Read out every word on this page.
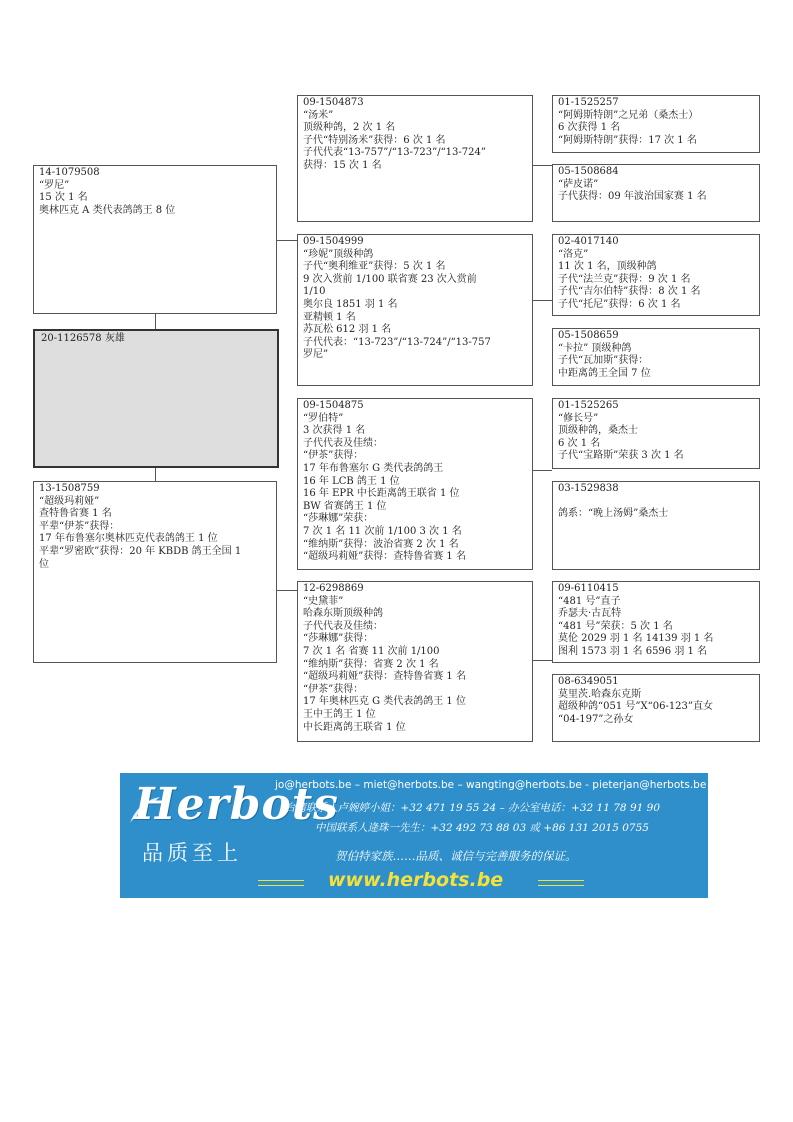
14-1079508
“罗尼”
15 次 1 名
奥林匹克 A 类代表鸽鸽王 8 位
20-1126578 灰雄
13-1508759
“超级玛莉娅”
查特鲁省赛 1 名
平辈“伊茶”获得：
17 年布鲁塞尔奥林匹克代表鸽鸽王 1 位
平辈“罗密欧”获得：20 年 KBDB 鸽王全国 1
位
09-1504873
“汤米”
顶级种鸽，2 次 1 名
子代“特别汤米”获得：6 次 1 名
子代代表“13-757”/“13-723”/“13-724”
获得：15 次 1 名
09-1504999
“珍妮”顶级种鸽
子代“奥利维亚”获得：5 次 1 名
9 次入赏前 1/100 联省赛 23 次入赏前
1/10
奥尔良 1851 羽 1 名
亚精顿 1 名
苏瓦松 612 羽 1 名
子代代表：“13-723”/“13-724”/“13-757
罗尼”
09-1504875
“罗伯特”
3 次获得 1 名
子代代表及佳绩：
“伊茶”获得：
17 年布鲁塞尔 G 类代表鸽鸽王
16 年 LCB 鸽王 1 位
16 年 EPR 中长距离鸽王联省 1 位
BW 省赛鸽王 1 位
“莎琳娜”荣获：
7 次 1 名 11 次前 1/100 3 次 1 名
“维纳斯”获得：波治省赛 2 次 1 名
“超级玛莉娅”获得：查特鲁省赛 1 名
12-6298869
“史黛菲”
哈森东斯顶级种鸽
子代代表及佳绩：
“莎琳娜”获得：
7 次 1 名 省赛 11 次前 1/100
“维纳斯”获得：省赛 2 次 1 名
“超级玛莉娅”获得：查特鲁省赛 1 名
“伊茶”获得：
17 年奥林匹克 G 类代表鸽鸽王 1 位
王中王鸽王 1 位
中长距离鸽王联省 1 位
01-1525257
“阿姆斯特朗”之兄弟（桑杰士）
6 次获得 1 名
“阿姆斯特朗”获得：17 次 1 名
05-1508684
“萨皮诺”
子代获得：09 年波治国家赛 1 名
02-4017140
“洛克”
11 次 1 名，顶级种鸽
子代“法兰克”获得：9 次 1 名
子代“吉尔伯特”获得：8 次 1 名
子代“托尼”获得：6 次 1 名
05-1508659
“卡拉” 顶级种鸽
子代“瓦加斯”获得：
中距离鸽王全国 7 位
01-1525265
“修长号”
顶级种鸽，桑杰士
6 次 1 名
子代“宝路斯”荣获 3 次 1 名
03-1529838

鸽系：“晚上汤姆”桑杰士
09-6110415
“481 号”直子
乔瑟夫·古瓦特
“481 号”荣获：5 次 1 名
莫伦 2029 羽 1 名 14139 羽 1 名
图利 1573 羽 1 名 6596 羽 1 名
08-6349051
莫里茨.哈森东克斯
超级种鸽“051 号”X“06-123”直女
“04-197”之孙女
Herbots
品质至上
jo@herbots.be – miet@herbots.be – wangting@herbots.be - pieterjan@herbots.be
台湾联系人卢婉婷小姐：+32 471 19 55 24 – 办公室电话：+32 11 78 91 90
中国联系人逄珠一先生：+32 492 73 88 03 或 +86 131 2015 0755
贺伯特家族……品质、诚信与完善服务的保证。
www.herbots.be
